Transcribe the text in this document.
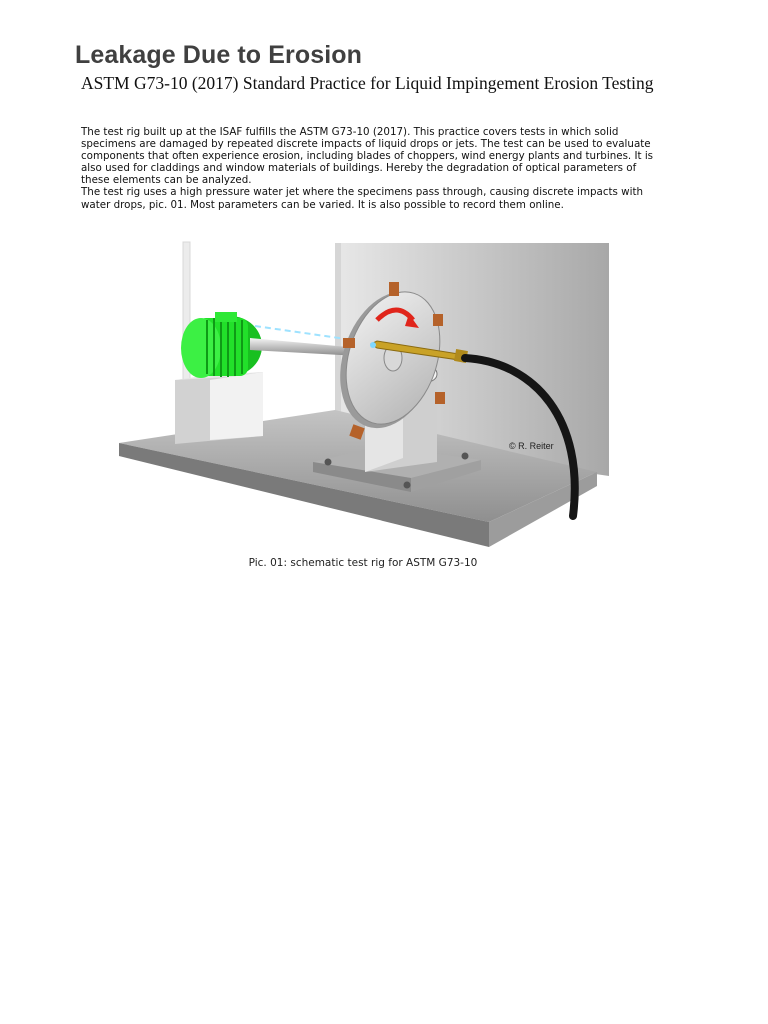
Leakage Due to Erosion
ASTM G73-10 (2017) Standard Practice for Liquid Impingement Erosion Testing

The test rig built up at the ISAF fulfills the ASTM G73-10 (2017). This practice covers tests in which solid specimens are damaged by repeated discrete impacts of liquid drops or jets. The test can be used to evaluate components that often experience erosion, including blades of choppers, wind energy plants and turbines. It is also used for claddings and window materials of buildings. Hereby the degradation of optical parameters of these elements can be analyzed.

The test rig uses a high pressure water jet where the specimens pass through, causing discrete impacts with water drops, pic. 01. Most parameters can be varied. It is also possible to record them online.

© R. Reiter
Pic. 01: schematic test rig for ASTM G73-10
